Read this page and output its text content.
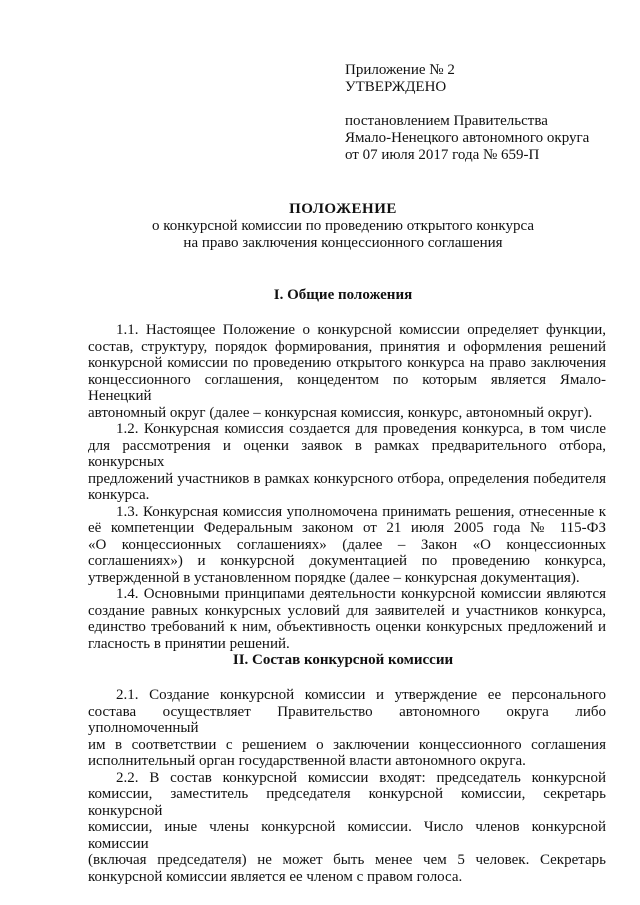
Приложение № 2
УТВЕРЖДЕНО
постановлением Правительства
Ямало-Ненецкого автономного округа
от 07 июля 2017 года № 659-П
ПОЛОЖЕНИЕ
о конкурсной комиссии по проведению открытого конкурса
на право заключения концессионного соглашения
I. Общие положения

1.1. Настоящее Положение о конкурсной комиссии определяет функции,
состав, структуру, порядок формирования, принятия и оформления решений
конкурсной комиссии по проведению открытого конкурса на право заключения
концессионного соглашения, концедентом по которым является Ямало-Ненецкий
автономный округ (далее – конкурсная комиссия, конкурс, автономный округ).

1.2. Конкурсная комиссия создается для проведения конкурса, в том числе
для рассмотрения и оценки заявок в рамках предварительного отбора, конкурсных
предложений участников в рамках конкурсного отбора, определения победителя
конкурса.

1.3. Конкурсная комиссия уполномочена принимать решения, отнесенные к
её компетенции Федеральным законом от 21 июля 2005 года № 115-ФЗ
«О концессионных соглашениях» (далее – Закон «О концессионных
соглашениях») и конкурсной документацией по проведению конкурса,
утвержденной в установленном порядке (далее – конкурсная документация).

1.4. Основными принципами деятельности конкурсной комиссии являются
создание равных конкурсных условий для заявителей и участников конкурса,
единство требований к ним, объективность оценки конкурсных предложений и
гласность в принятии решений.

II. Состав конкурсной комиссии

2.1. Создание конкурсной комиссии и утверждение ее персонального
состава осуществляет Правительство автономного округа либо уполномоченный
им в соответствии с решением о заключении концессионного соглашения
исполнительный орган государственной власти автономного округа.

2.2. В состав конкурсной комиссии входят: председатель конкурсной
комиссии, заместитель председателя конкурсной комиссии, секретарь конкурсной
комиссии, иные члены конкурсной комиссии. Число членов конкурсной комиссии
(включая председателя) не может быть менее чем 5 человек. Секретарь
конкурсной комиссии является ее членом с правом голоса.
